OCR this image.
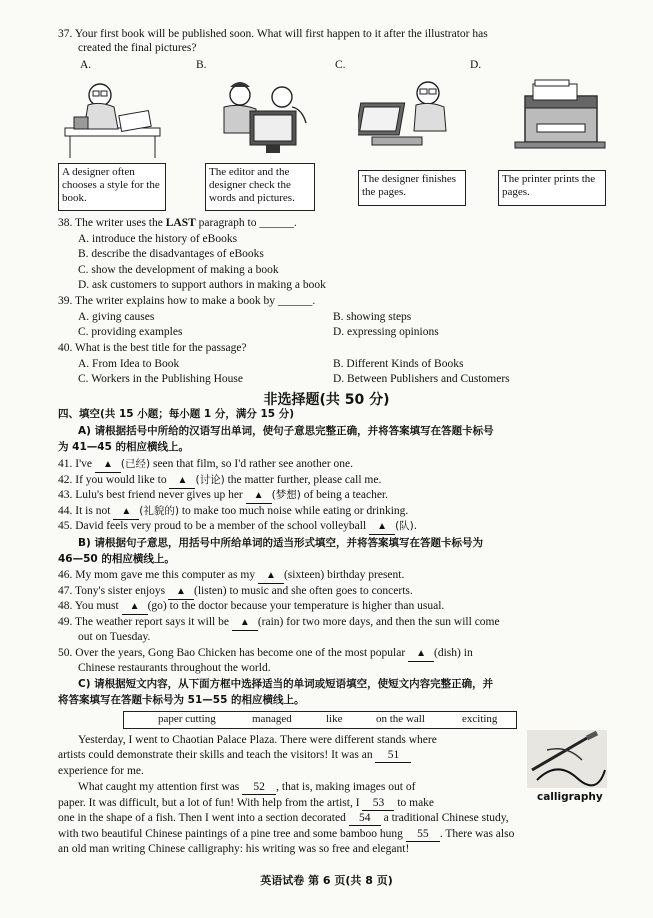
37. Your first book will be published soon. What will first happen to it after the illustrator has
created the final pictures?
A.	B.	C.	D.
A designer often chooses a style for the book.
The editor and the designer check the words and pictures.
The designer finishes the pages.
The printer prints the pages.
38. The writer uses the LAST paragraph to ______.
A. introduce the history of eBooks
B. describe the disadvantages of eBooks
C. show the development of making a book
D. ask customers to support authors in making a book
39. The writer explains how to make a book by ______.
A. giving causes	B. showing steps
C. providing examples	D. expressing opinions
40. What is the best title for the passage?
A. From Idea to Book	B. Different Kinds of Books
C. Workers in the Publishing House	D. Between Publishers and Customers
非选择题(共 50 分)
四、填空(共 15 小题；每小题 1 分，满分 15 分)
A) 请根据括号中所给的汉语写出单词，使句子意思完整正确，并将答案填写在答题卡标号
为 41—45 的相应横线上。
41. I've ▲ (已经) seen that film, so I'd rather see another one.
42. If you would like to ▲ (讨论) the matter further, please call me.
43. Lulu's best friend never gives up her ▲ (梦想) of being a teacher.
44. It is not ▲ (礼貌的) to make too much noise while eating or drinking.
45. David feels very proud to be a member of the school volleyball ▲ (队).
B) 请根据句子意思，用括号中所给单词的适当形式填空，并将答案填写在答题卡标号为
46—50 的相应横线上。
46. My mom gave me this computer as my ▲ (sixteen) birthday present.
47. Tony's sister enjoys ▲ (listen) to music and she often goes to concerts.
48. You must ▲ (go) to the doctor because your temperature is higher than usual.
49. The weather report says it will be ▲ (rain) for two more days, and then the sun will come
out on Tuesday.
50. Over the years, Gong Bao Chicken has become one of the most popular ▲ (dish) in
Chinese restaurants throughout the world.
C) 请根据短文内容，从下面方框中选择适当的单词或短语填空，使短文内容完整正确，并
将答案填写在答题卡标号为 51—55 的相应横线上。
paper cutting	managed	like	on the wall	exciting
calligraphy
Yesterday, I went to Chaotian Palace Plaza. There were different stands where
artists could demonstrate their skills and teach the visitors! It was an 51
experience for me.
What caught my attention first was 52 , that is, making images out of
paper. It was difficult, but a lot of fun! With help from the artist, I 53 to make
one in the shape of a fish. Then I went into a section decorated 54 a traditional Chinese study,
with two beautiful Chinese paintings of a pine tree and some bamboo hung 55 . There was also
an old man writing Chinese calligraphy: his writing was so free and elegant!
英语试卷 第 6 页(共 8 页)
